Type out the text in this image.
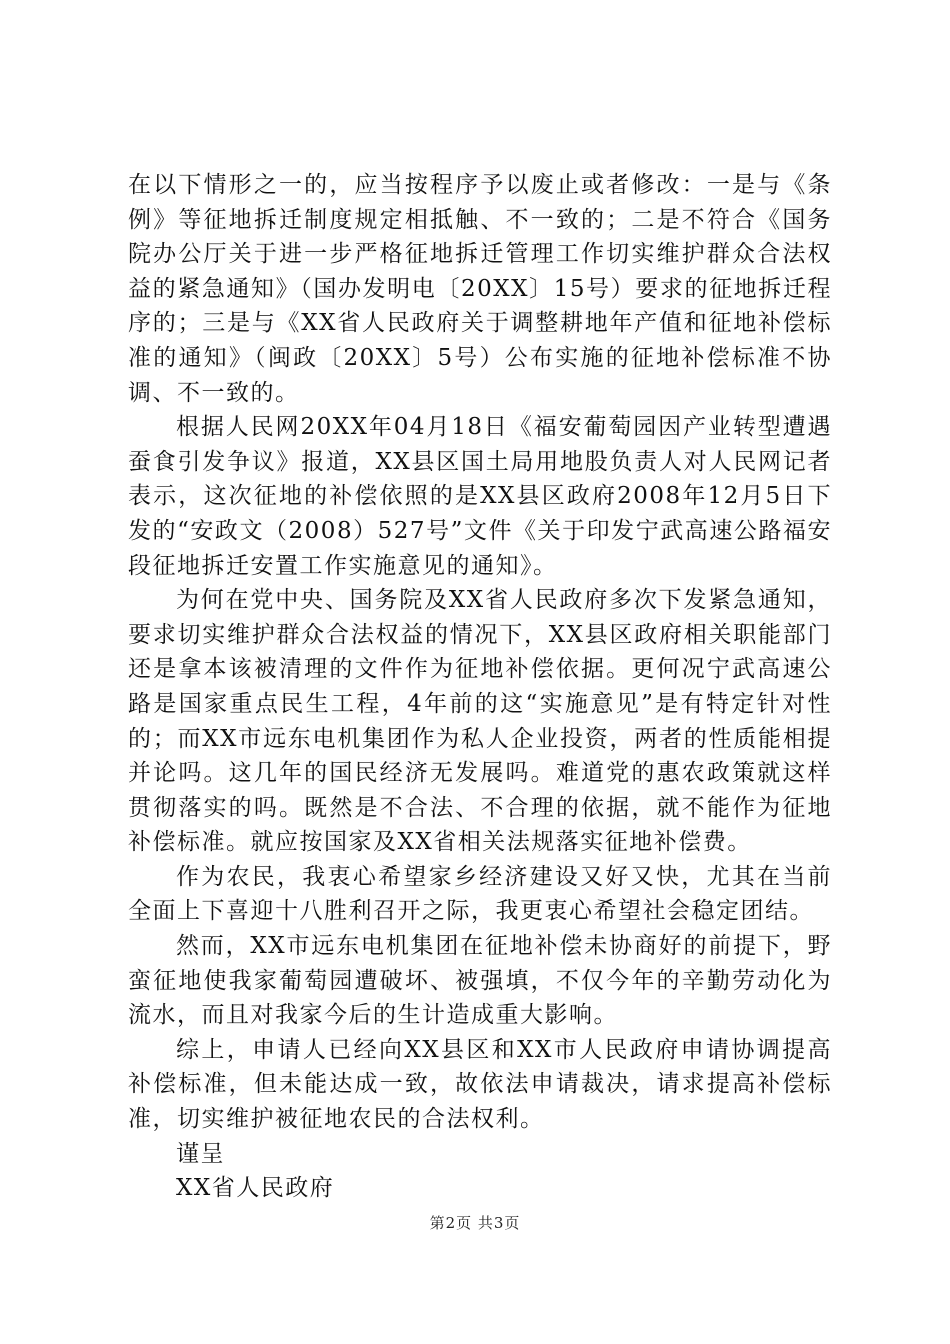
在以下情形之一的，应当按程序予以废止或者修改：一是与《条例》等征地拆迁制度规定相抵触、不一致的；二是不符合《国务院办公厅关于进一步严格征地拆迁管理工作切实维护群众合法权益的紧急通知》（国办发明电〔20XX〕15号）要求的征地拆迁程序的；三是与《XX省人民政府关于调整耕地年产值和征地补偿标准的通知》（闽政〔20XX〕5号）公布实施的征地补偿标准不协调、不一致的。

根据人民网20XX年04月18日《福安葡萄园因产业转型遭遇蚕食引发争议》报道，XX县区国土局用地股负责人对人民网记者表示，这次征地的补偿依照的是XX县区政府2008年12月5日下发的“安政文（2008）527号”文件《关于印发宁武高速公路福安段征地拆迁安置工作实施意见的通知》。

为何在党中央、国务院及XX省人民政府多次下发紧急通知，要求切实维护群众合法权益的情况下，XX县区政府相关职能部门还是拿本该被清理的文件作为征地补偿依据。更何况宁武高速公路是国家重点民生工程，4年前的这“实施意见”是有特定针对性的；而XX市远东电机集团作为私人企业投资，两者的性质能相提并论吗。这几年的国民经济无发展吗。难道党的惠农政策就这样贯彻落实的吗。既然是不合法、不合理的依据，就不能作为征地补偿标准。就应按国家及XX省相关法规落实征地补偿费。

作为农民，我衷心希望家乡经济建设又好又快，尤其在当前全面上下喜迎十八胜利召开之际，我更衷心希望社会稳定团结。

然而，XX市远东电机集团在征地补偿未协商好的前提下，野蛮征地使我家葡萄园遭破坏、被强填，不仅今年的辛勤劳动化为流水，而且对我家今后的生计造成重大影响。

综上，申请人已经向XX县区和XX市人民政府申请协调提高补偿标准，但未能达成一致，故依法申请裁决，请求提高补偿标准，切实维护被征地农民的合法权利。

谨呈

XX省人民政府

第2页 共3页
